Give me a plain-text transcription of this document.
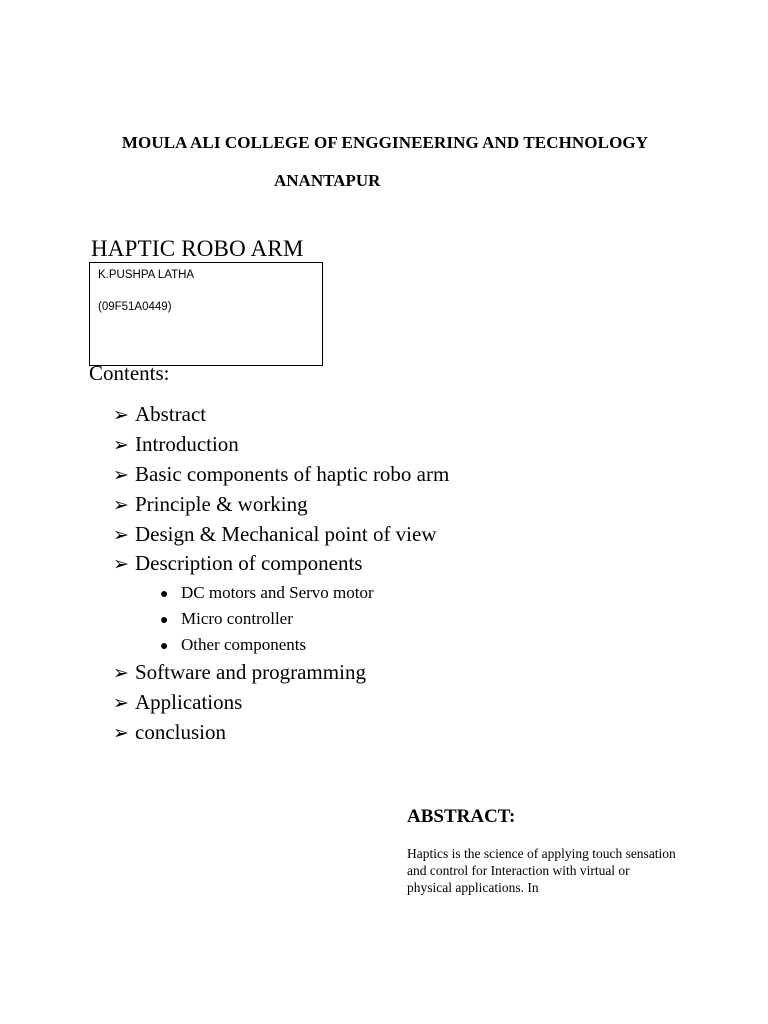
MOULA ALI COLLEGE OF ENGGINEERING AND TECHNOLOGY
ANANTAPUR
HAPTIC ROBO ARM
K.PUSHPA LATHA
(09F51A0449)
Contents:
➢ Abstract
➢ Introduction
➢ Basic components of haptic robo arm
➢ Principle & working
➢ Design & Mechanical point of view
➢ Description of components
● DC motors and Servo motor
● Micro controller
● Other components
➢ Software and programming
➢ Applications
➢ conclusion
ABSTRACT:
Haptics is the science of applying touch sensation and control for Interaction with virtual or physical applications. In
